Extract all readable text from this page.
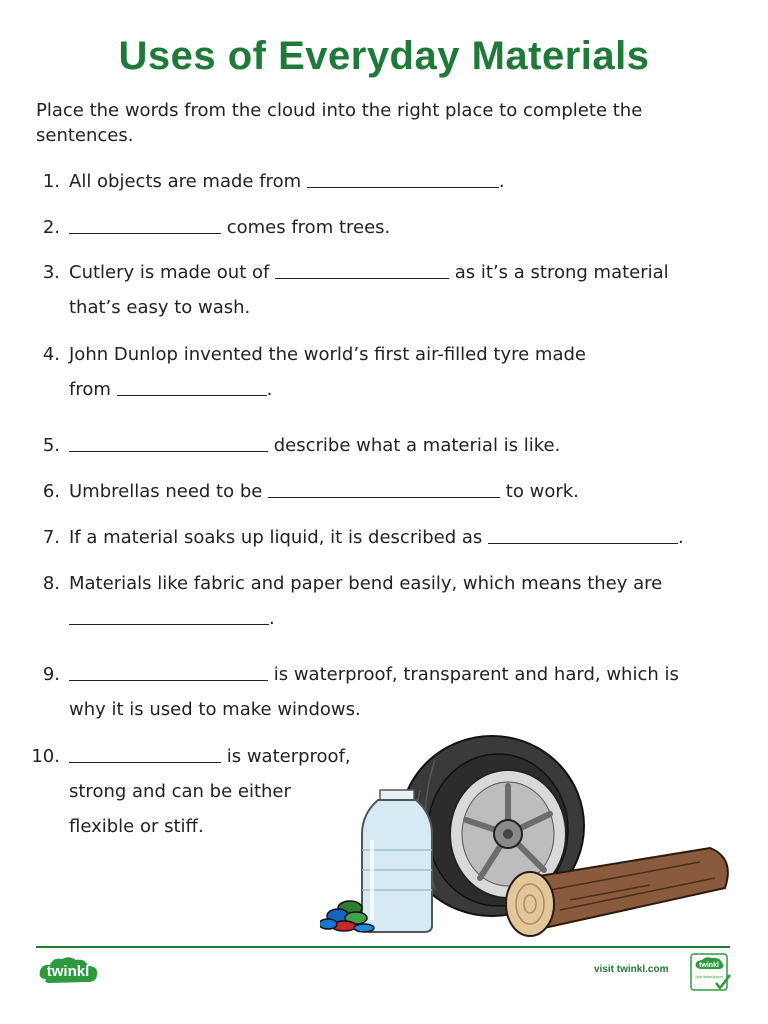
Uses of Everyday Materials
Place the words from the cloud into the right place to complete the sentences.
1. All objects are made from	.
2.	comes from trees.
3. Cutlery is made out of	as it’s a strong material
that’s easy to wash.
4. John Dunlop invented the world’s first air-filled tyre made
from	.
5.	describe what a material is like.
6. Umbrellas need to be	to work.
7. If a material soaks up liquid, it is described as	.
8. Materials like fabric and paper bend easily, which means they are
.
9.	is waterproof, transparent and hard, which is
why it is used to make windows.
10.	is waterproof,
strong and can be either
flexible or stiff.
twinkl	visit twinkl.com	twinkl
Quality Standard Approved
